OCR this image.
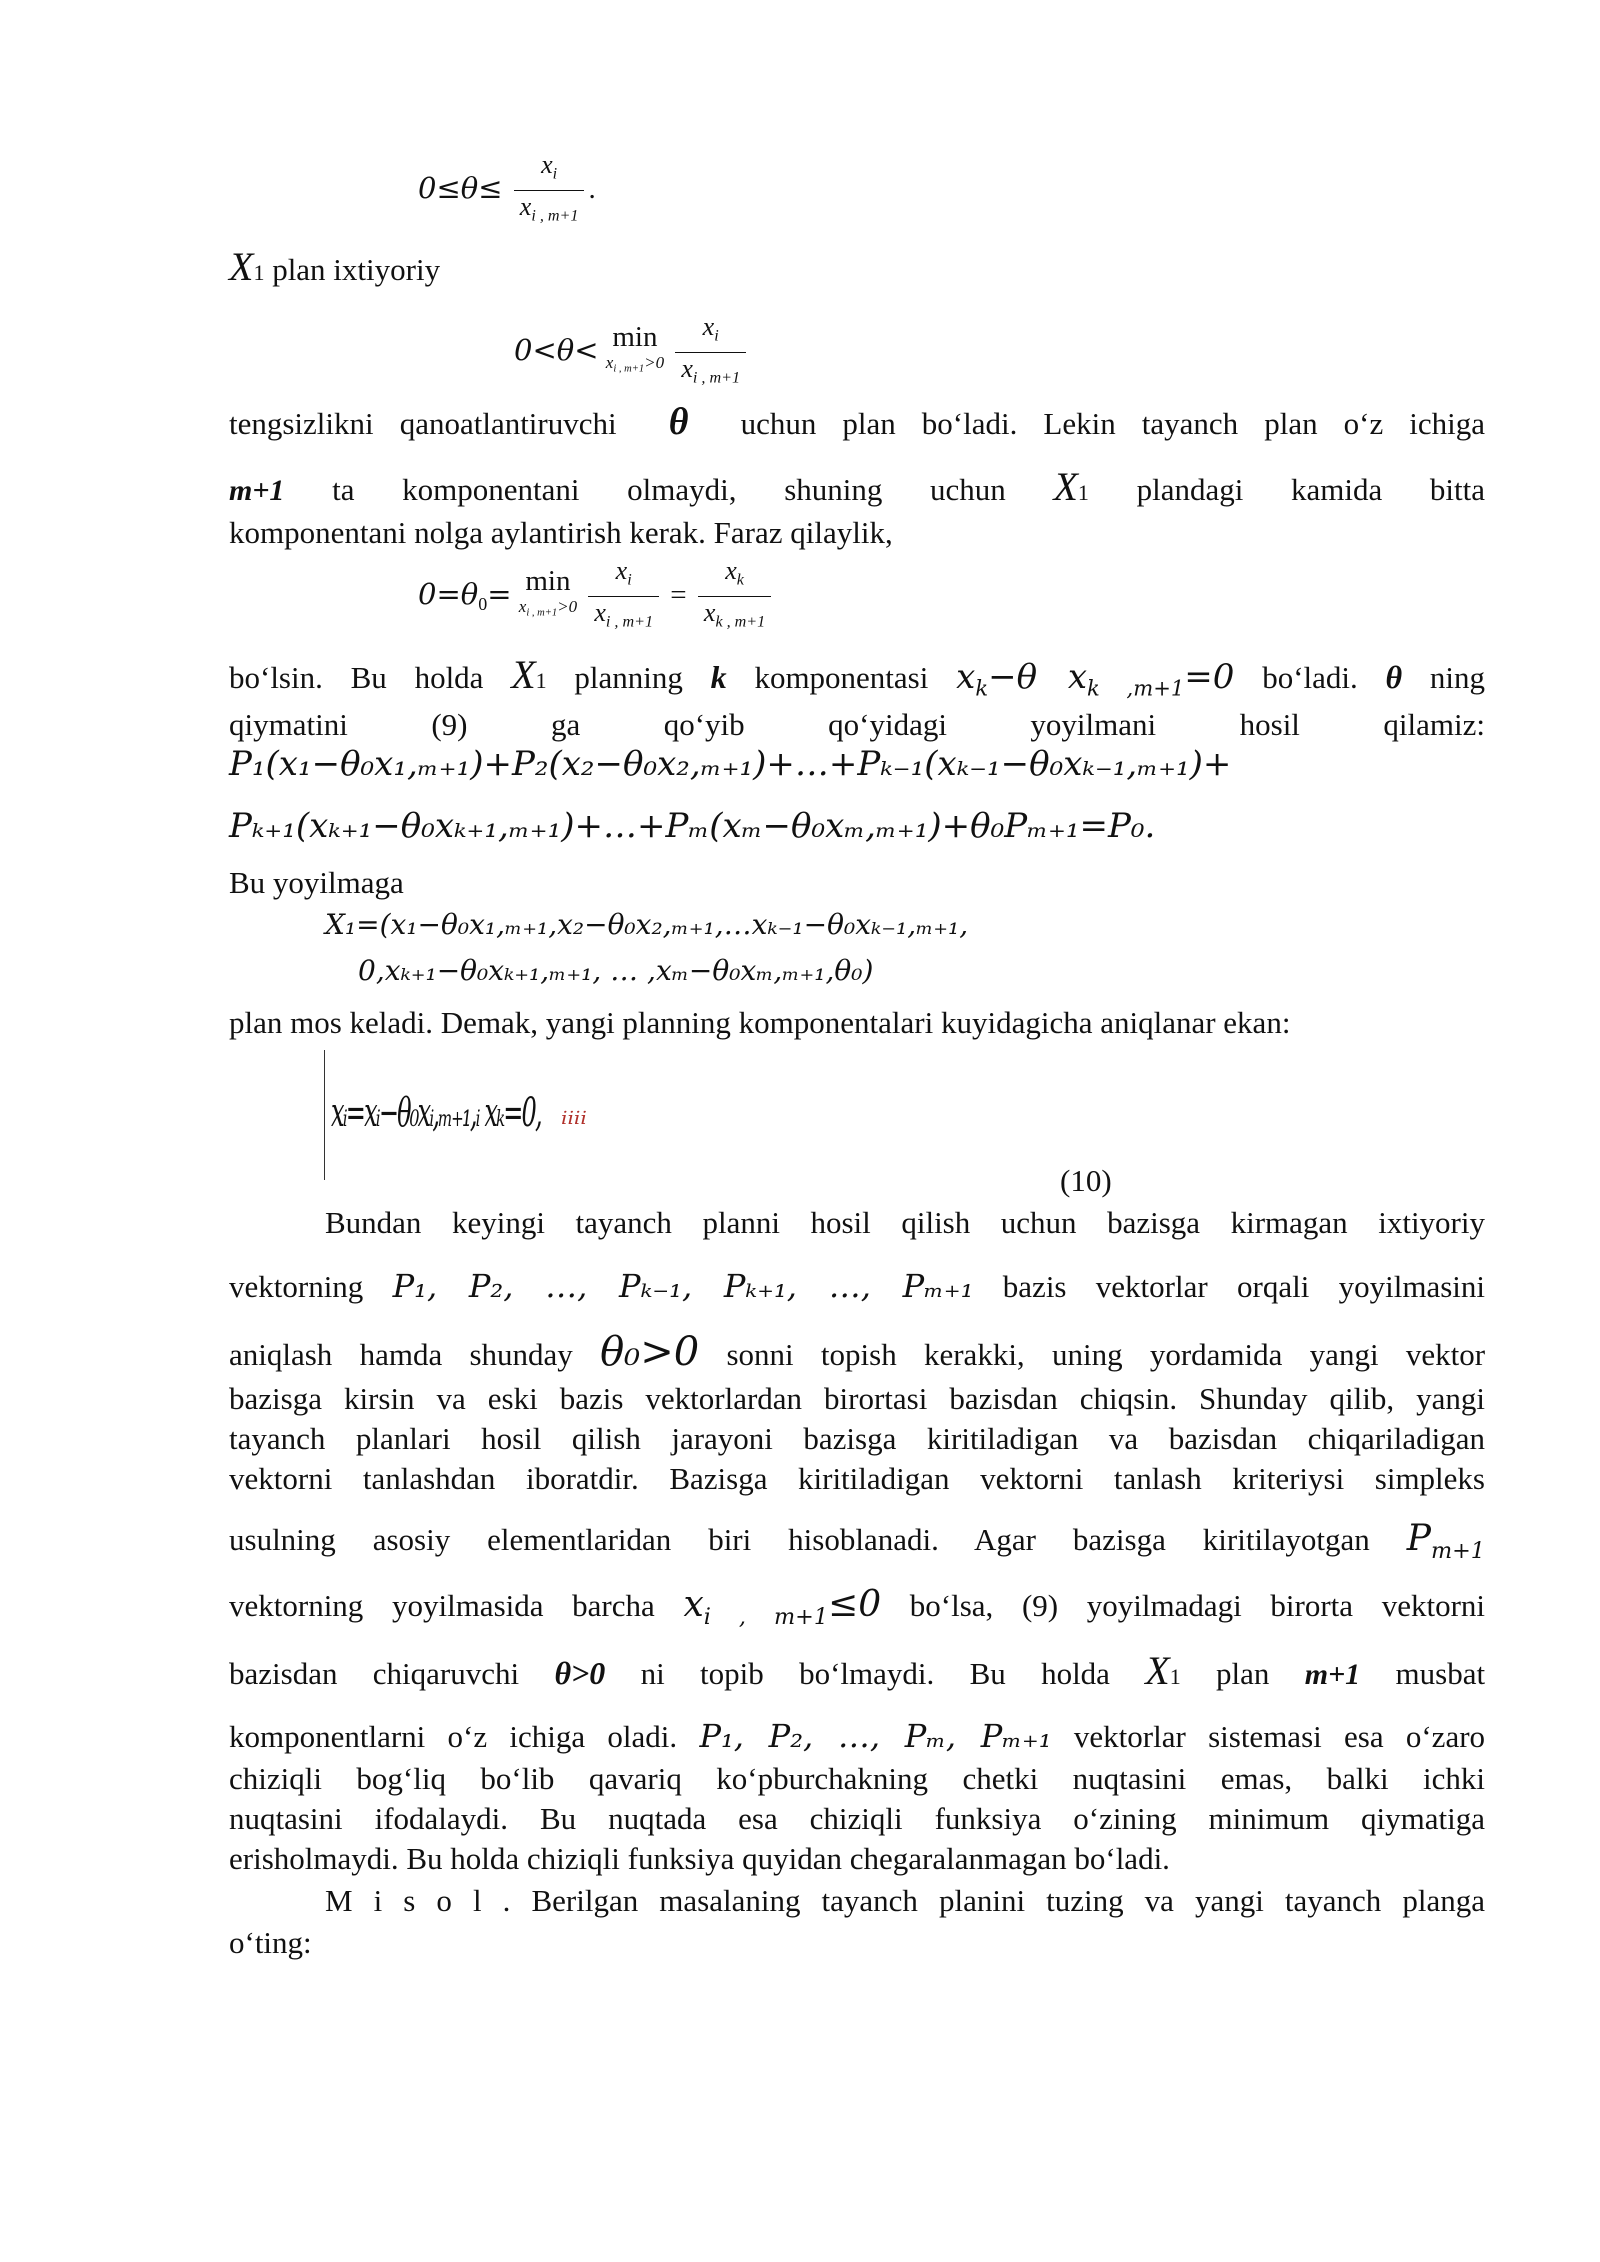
$0\le\theta\le \frac{x_i}{x_{i , m+1}}$ .
X1 plan ixtiyoriy
0<θ< min
$x_{i , m+1}>0$
$\frac{x_i}{x_{i , m+1}}$
tengsizlikni qanoatlantiruvchi θ uchun plan bo‘ladi. Lekin tayanch plan o‘z ichiga
m+1 ta komponentani olmaydi, shuning uchun X1 plandagi kamida bitta
komponentani nolga aylantirish kerak. Faraz qilaylik,
$0=\theta_0= \min$
$x_{i , m+1}>0$
$\frac{x_i}{x_{i , m+1}} = \frac{x_k}{x_{k , m+1}}$
bo‘lsin. Bu holda X1 planning k komponentasi $x_k-\theta$ $x_{k ,m+1}=0$ bo‘ladi. θ ning
qiymatini (9) ga qo‘yib qo‘yidagi yoyilmani hosil qilamiz:
P₁(x₁−θ₀x₁,ₘ₊₁)+P₂(x₂−θ₀x₂,ₘ₊₁)+…+Pₖ₋₁(xₖ₋₁−θ₀xₖ₋₁,ₘ₊₁)+
Pₖ₊₁(xₖ₊₁−θ₀xₖ₊₁,ₘ₊₁)+…+Pₘ(xₘ−θ₀xₘ,ₘ₊₁)+θ₀Pₘ₊₁=P₀.
Bu yoyilmaga
X₁=(x₁−θ₀x₁,ₘ₊₁,x₂−θ₀x₂,ₘ₊₁,…xₖ₋₁−θ₀xₖ₋₁,ₘ₊₁,
0,xₖ₊₁−θ₀xₖ₊₁,ₘ₊₁, … ,xₘ−θ₀xₘ,ₘ₊₁,θ₀)
plan mos keladi. Demak, yangi planning komponentalari kuyidagicha aniqlanar ekan:
xᵢ=xᵢ−θ₀xᵢ,ₘ₊₁,ᵢ xₖ=0, ᵢᵢᵢᵢ
(10)
Bundan keyingi tayanch planni hosil qilish uchun bazisga kirmagan ixtiyoriy
vektorning P₁, P₂, …, Pₖ₋₁, Pₖ₊₁, …, Pₘ₊₁ bazis vektorlar orqali yoyilmasini
aniqlash hamda shunday θ₀>0 sonni topish kerakki, uning yordamida yangi vektor
bazisga kirsin va eski bazis vektorlardan birortasi bazisdan chiqsin. Shunday qilib, yangi
tayanch planlari hosil qilish jarayoni bazisga kiritiladigan va bazisdan chiqariladigan
vektorni tanlashdan iboratdir. Bazisga kiritiladigan vektorni tanlash kriteriysi simpleks
usulning asosiy elementlaridan biri hisoblanadi. Agar bazisga kiritilayotgan $P_{m+1}$
vektorning yoyilmasida barcha $x_{i , m+1}\le 0$ bo‘lsa, (9) yoyilmadagi birorta vektorni
bazisdan chiqaruvchi θ>0 ni topib bo‘lmaydi. Bu holda X1 plan m+1 musbat
komponentlarni o‘z ichiga oladi. P₁, P₂, …, Pₘ, Pₘ₊₁ vektorlar sistemasi esa o‘zaro
chiziqli bog‘liq bo‘lib qavariq ko‘pburchakning chetki nuqtasini emas, balki ichki
nuqtasini ifodalaydi. Bu nuqtada esa chiziqli funksiya o‘zining minimum qiymatiga
erisholmaydi. Bu holda chiziqli funksiya quyidan chegaralanmagan bo‘ladi.
M i s o l . Berilgan masalaning tayanch planini tuzing va yangi tayanch planga
o‘ting:
